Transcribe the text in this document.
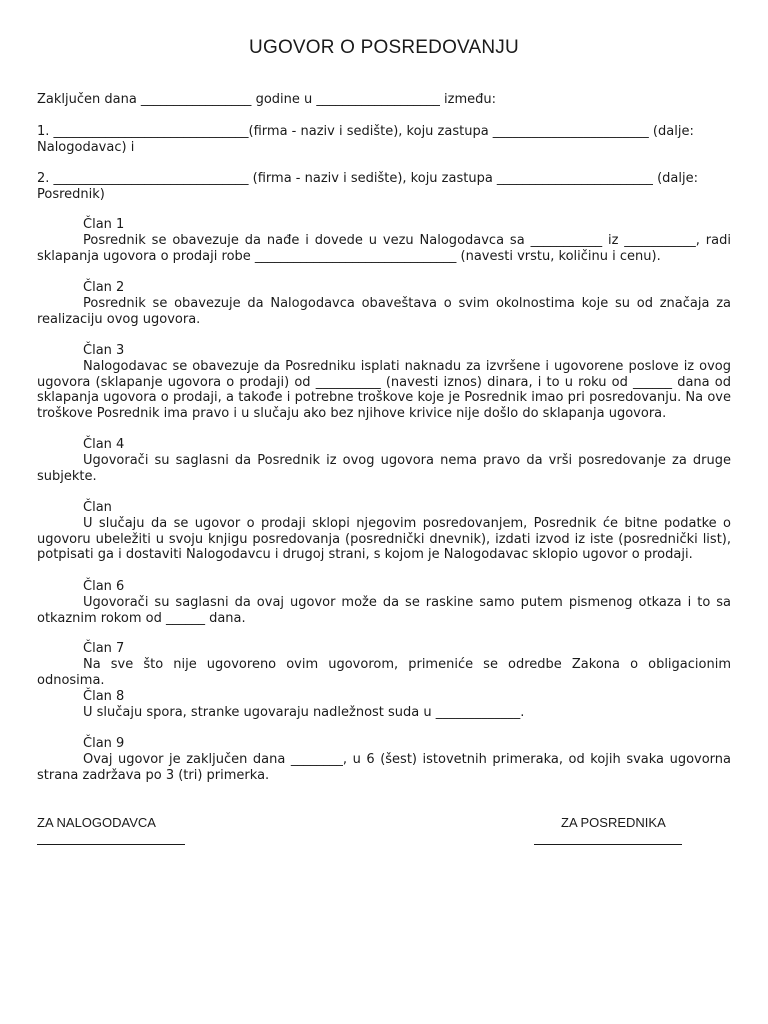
UGOVOR O POSREDOVANJU

Zaključen dana _________________ godine u ___________________ između:

1. ______________________________(firma - naziv i sedište), koju zastupa ________________________ (dalje: Nalogodavac) i

2. ______________________________ (firma - naziv i sedište), koju zastupa ________________________ (dalje: Posrednik)

Član 1

Posrednik se obavezuje da nađe i dovede u vezu Nalogodavca sa ___________ iz ___________, radi sklapanja ugovora o prodaji robe _______________________________ (navesti vrstu, količinu i cenu).

Član 2

Posrednik se obavezuje da Nalogodavca obaveštava o svim okolnostima koje su od značaja za realizaciju ovog ugovora.

Član 3

Nalogodavac se obavezuje da Posredniku isplati naknadu za izvršene i ugovorene poslove iz ovog ugovora (sklapanje ugovora o prodaji) od __________ (navesti iznos) dinara, i to u roku od ______ dana od sklapanja ugovora o prodaji, a takođe i potrebne troškove koje je Posrednik imao pri posredovanju. Na ove troškove Posrednik ima pravo i u slučaju ako bez njihove krivice nije došlo do sklapanja ugovora.

Član 4

Ugovorači su saglasni da Posrednik iz ovog ugovora nema pravo da vrši posredovanje za druge subjekte.

Član

U slučaju da se ugovor o prodaji sklopi njegovim posredovanjem, Posrednik će bitne podatke o ugovoru ubeležiti u svoju knjigu posredovanja (posrednički dnevnik), izdati izvod iz iste (posrednički list), potpisati ga i dostaviti Nalogodavcu i drugoj strani, s kojom je Nalogodavac sklopio ugovor o prodaji.

Član 6

Ugovorači su saglasni da ovaj ugovor može da se raskine samo putem pismenog otkaza i to sa otkaznim rokom od ______ dana.

Član 7

Na sve što nije ugovoreno ovim ugovorom, primeniće se odredbe Zakona o obligacionim odnosima.

Član 8

U slučaju spora, stranke ugovaraju nadležnost suda u _____________.

Član 9

Ovaj ugovor je zaključen dana ________, u 6 (šest) istovetnih primeraka, od kojih svaka ugovorna strana zadržava po 3 (tri) primerka.

ZA NALOGODAVCA	ZA POSREDNIKA
